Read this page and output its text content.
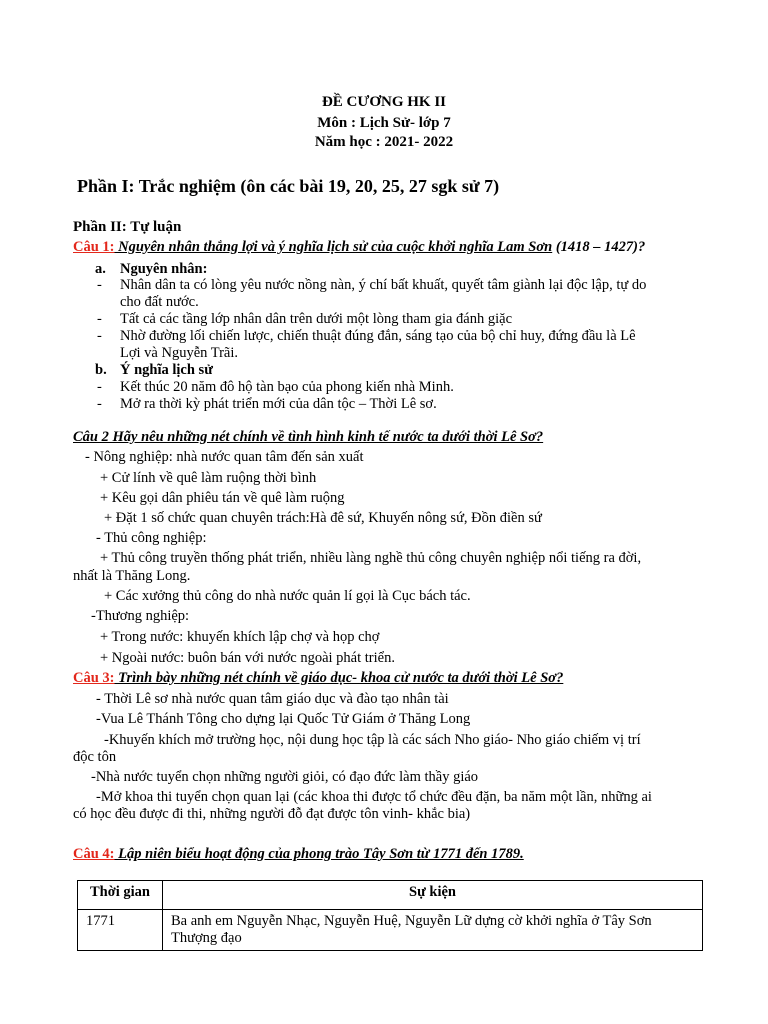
ĐỀ CƯƠNG HK II
Môn : Lịch Sử- lớp 7
Năm học : 2021- 2022
Phần I: Trắc nghiệm (ôn các bài 19, 20, 25, 27 sgk sử 7)
Phần II: Tự luận
Câu 1: Nguyên nhân thắng lợi và ý nghĩa lịch sử của cuộc khởi nghĩa Lam Sơn (1418 – 1427)?
a. Nguyên nhân:
- Nhân dân ta có lòng yêu nước nồng nàn, ý chí bất khuất, quyết tâm giành lại độc lập, tự do
cho đất nước.
- Tất cả các tầng lớp nhân dân trên dưới một lòng tham gia đánh giặc
- Nhờ đường lối chiến lược, chiến thuật đúng đắn, sáng tạo của bộ chỉ huy, đứng đầu là Lê
Lợi và Nguyễn Trãi.
b. Ý nghĩa lịch sử
- Kết thúc 20 năm đô hộ tàn bạo của phong kiến nhà Minh.
- Mở ra thời kỳ phát triển mới của dân tộc – Thời Lê sơ.
Câu 2 Hãy nêu những nét chính về tình hình kinh tế nước ta dưới thời Lê Sơ?
- Nông nghiệp: nhà nước quan tâm đến sản xuất
+ Cử lính về quê làm ruộng thời bình
+ Kêu gọi dân phiêu tán về quê làm ruộng
+ Đặt 1 số chức quan chuyên trách:Hà đê sứ, Khuyến nông sứ, Đồn điền sứ
- Thủ công nghiệp:
+ Thủ công truyền thống phát triển, nhiều làng nghề thủ công chuyên nghiệp nổi tiếng ra đời,
nhất là Thăng Long.
+ Các xưởng thủ công do nhà nước quản lí gọi là Cục bách tác.
-Thương nghiệp:
+ Trong nước: khuyến khích lập chợ và họp chợ
+ Ngoài nước: buôn bán với nước ngoài phát triển.
Câu 3: Trình bày những nét chính về giáo dục- khoa cử nước ta dưới thời Lê Sơ?
- Thời Lê sơ nhà nước quan tâm giáo dục và đào tạo nhân tài
-Vua Lê Thánh Tông cho dựng lại Quốc Tử Giám ở Thăng Long
-Khuyến khích mở trường học, nội dung học tập là các sách Nho giáo- Nho giáo chiếm vị trí
độc tôn
-Nhà nước tuyển chọn những người giỏi, có đạo đức làm thầy giáo
-Mở khoa thi tuyển chọn quan lại (các khoa thi được tổ chức đều đặn, ba năm một lần, những ai
có học đều được đi thi, những người đỗ đạt được tôn vinh- khắc bia)
Câu 4: Lập niên biểu hoạt động của phong trào Tây Sơn từ 1771 đến 1789.
Thời gian	Sự kiện
1771	Ba anh em Nguyễn Nhạc, Nguyễn Huệ, Nguyễn Lữ dựng cờ khởi nghĩa ở Tây Sơn
Thượng đạo
